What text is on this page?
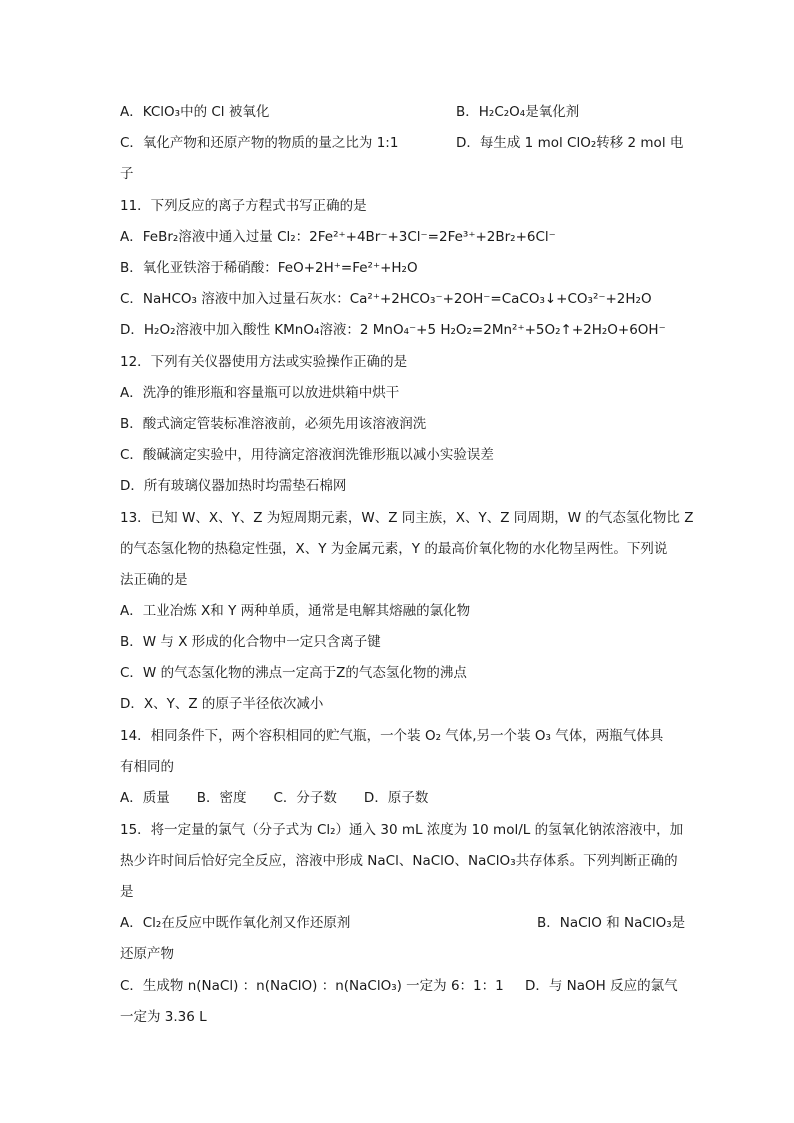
A．KClO₃中的 Cl 被氧化	B．H₂C₂O₄是氧化剂
C．氧化产物和还原产物的物质的量之比为 1:1	D．每生成 1 mol ClO₂转移 2 mol 电
子
11．下列反应的离子方程式书写正确的是
A．FeBr₂溶液中通入过量 Cl₂：2Fe²⁺+4Br⁻+3Cl⁻=2Fe³⁺+2Br₂+6Cl⁻
B．氧化亚铁溶于稀硝酸：FeO+2H⁺=Fe²⁺+H₂O
C．NaHCO₃ 溶液中加入过量石灰水：Ca²⁺+2HCO₃⁻+2OH⁻=CaCO₃↓+CO₃²⁻+2H₂O
D．H₂O₂溶液中加入酸性 KMnO₄溶液：2 MnO₄⁻+5 H₂O₂=2Mn²⁺+5O₂↑+2H₂O+6OH⁻
12．下列有关仪器使用方法或实验操作正确的是
A．洗净的锥形瓶和容量瓶可以放进烘箱中烘干
B．酸式滴定管装标准溶液前，必须先用该溶液润洗
C．酸碱滴定实验中，用待滴定溶液润洗锥形瓶以减小实验误差
D．所有玻璃仪器加热时均需垫石棉网
13．已知 W、X、Y、Z 为短周期元素，W、Z 同主族，X、Y、Z 同周期，W 的气态氢化物比 Z
的气态氢化物的热稳定性强，X、Y 为金属元素，Y 的最高价氧化物的水化物呈两性。下列说
法正确的是
A．工业冶炼 X和 Y 两种单质，通常是电解其熔融的氯化物
B．W 与 X 形成的化合物中一定只含离子键
C．W 的气态氢化物的沸点一定高于Z的气态氢化物的沸点
D．X、Y、Z 的原子半径依次减小
14．相同条件下，两个容积相同的贮气瓶，一个装 O₂ 气体,另一个装 O₃ 气体，两瓶气体具
有相同的
A．质量　　B．密度　　C．分子数　　D．原子数
15．将一定量的氯气（分子式为 Cl₂）通入 30 mL 浓度为 10 mol/L 的氢氧化钠浓溶液中，加
热少许时间后恰好完全反应，溶液中形成 NaCl、NaClO、NaClO₃共存体系。下列判断正确的
是
A．Cl₂在反应中既作氧化剂又作还原剂	B．NaClO 和 NaClO₃是
还原产物
C．生成物 n(NaCl) ：n(NaClO) ：n(NaClO₃) 一定为 6：1：1	D．与 NaOH 反应的氯气
一定为 3.36 L
